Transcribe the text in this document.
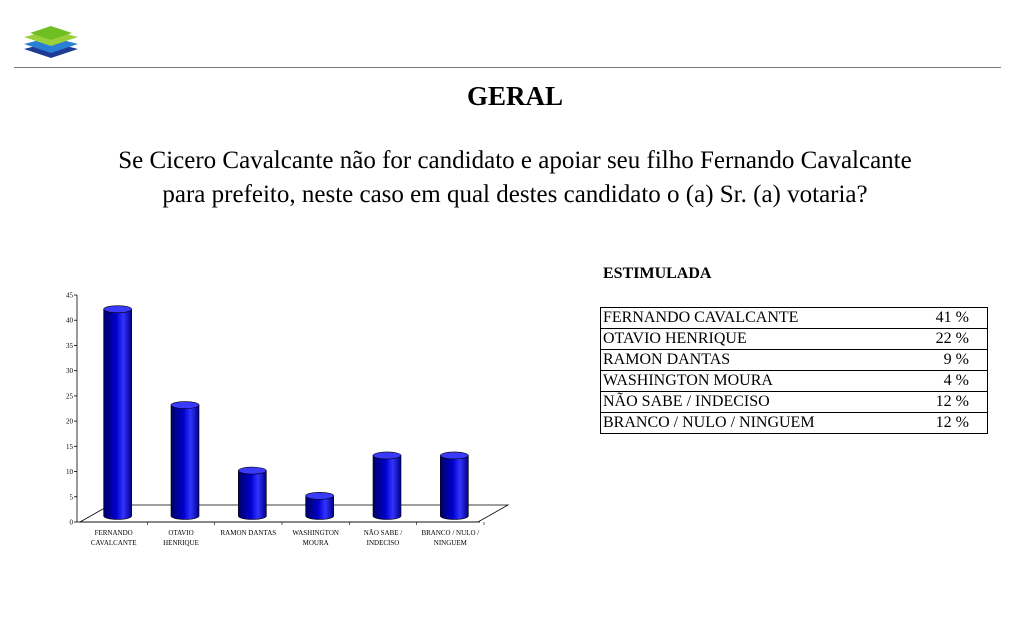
GERAL
Se Cicero Cavalcante não for candidato e apoiar seu filho Fernando Cavalcante
para prefeito, neste caso em qual destes candidato o (a) Sr. (a) votaria?
0
5
10
15
20
25
30
35
40
45
FERNANDO
CAVALCANTE
OTAVIO
HENRIQUE
RAMON DANTAS WASHINGTON
MOURA
NÃO SABE /
INDECISO
BRANCO / NULO /
NINGUEM
ESTIMULADA
FERNANDO CAVALCANTE	41 %
OTAVIO HENRIQUE	22 %
RAMON DANTAS	9 %
WASHINGTON MOURA	4 %
NÃO SABE / INDECISO	12 %
BRANCO / NULO / NINGUEM	12 %
